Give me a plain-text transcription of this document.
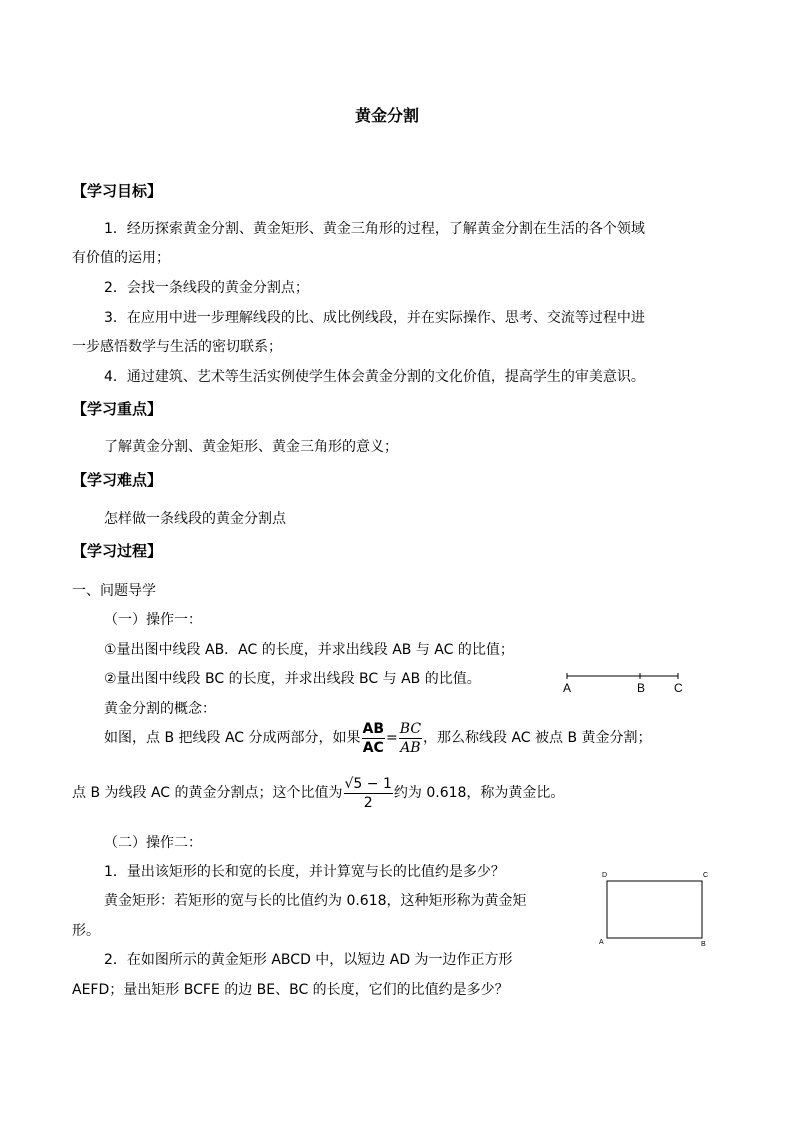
黄金分割
【学习目标】
1．经历探索黄金分割、黄金矩形、黄金三角形的过程，了解黄金分割在生活的各个领域
有价值的运用；
2．会找一条线段的黄金分割点；
3．在应用中进一步理解线段的比、成比例线段，并在实际操作、思考、交流等过程中进
一步感悟数学与生活的密切联系；
4．通过建筑、艺术等生活实例使学生体会黄金分割的文化价值，提高学生的审美意识。
【学习重点】
了解黄金分割、黄金矩形、黄金三角形的意义；
【学习难点】
怎样做一条线段的黄金分割点
【学习过程】
一、问题导学
（一）操作一：
①量出图中线段 AB．AC 的长度，并求出线段 AB 与 AC 的比值；
②量出图中线段 BC 的长度，并求出线段 BC 与 AB 的比值。
A	B C
黄金分割的概念：
如图，点 B 把线段 AC 分成两部分，如果 $\frac{AB}{AC} = \frac{BC}{AB}$ ，那么称线段 AC 被点 B 黄金分割；
点 B 为线段 AC 的黄金分割点；这个比值为 $\frac{√5 - 1}{2}$ 约为 0.618，称为黄金比。
（二）操作二：
1．量出该矩形的长和宽的长度，并计算宽与长的比值约是多少？
黄金矩形：若矩形的宽与长的比值约为 0.618，这种矩形称为黄金矩
形。
2．在如图所示的黄金矩形 ABCD 中，以短边 AD 为一边作正方形
AEFD；量出矩形 BCFE 的边 BE、BC 的长度，它们的比值约是多少？
D	C
A	B
